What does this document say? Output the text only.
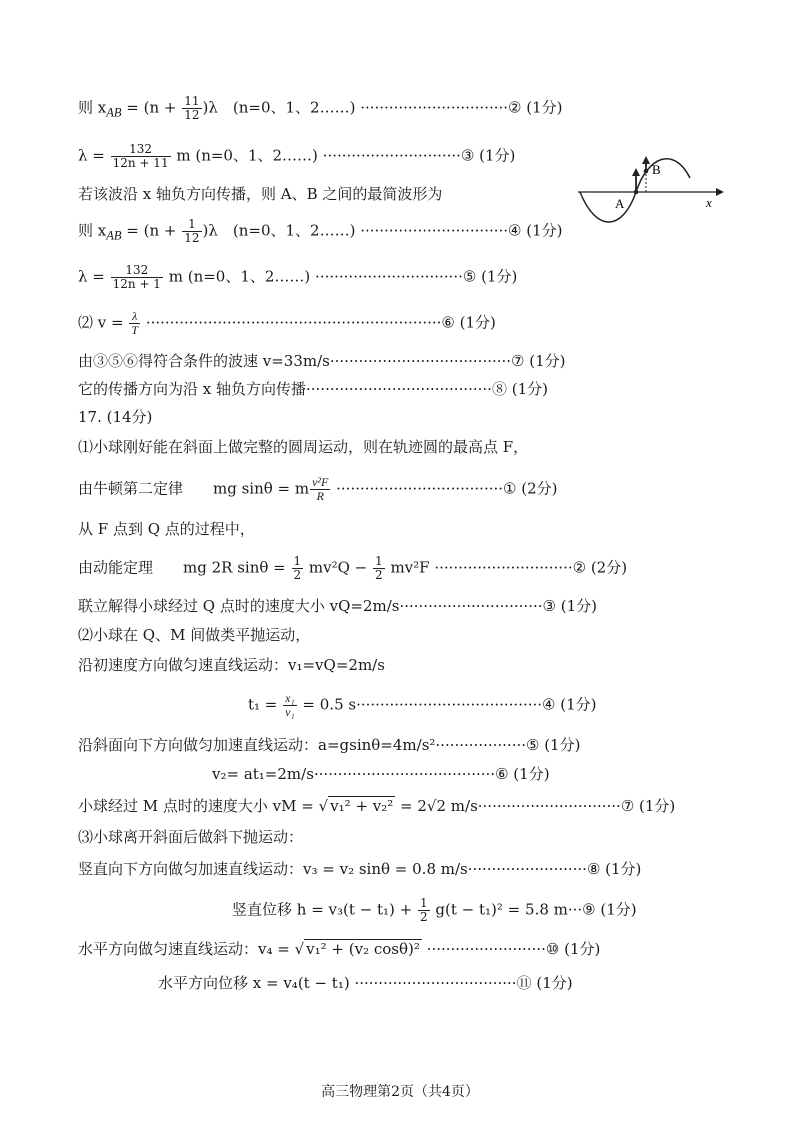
A
B
x
则 $x_{AB} = (n + \frac{11}{12} )\lambda$　(n=0、1、2……) ·······························② (1分)
$\lambda = \frac{132}{12n + 11}$ m (n=0、1、2……) ·····························③ (1分)
若该波沿 x 轴负方向传播，则 A、B 之间的最简波形为
则 $x_{AB} = (n + \frac{1}{12} )\lambda$　(n=0、1、2……) ·······························④ (1分)
$\lambda = \frac{132}{12n + 1}$ m (n=0、1、2……) ·······························⑤ (1分)
⑵ $v = \frac{\lambda}{T}$ ······························································⑥ (1分)
由③⑤⑥得符合条件的波速 v=33m/s······································⑦ (1分)
它的传播方向为沿 x 轴负方向传播·······································⑧ (1分)
17. (14分)
⑴小球刚好能在斜面上做完整的圆周运动，则在轨迹圆的最高点 F，
由牛顿第二定律　　mg sinθ = m $\frac{\text{v²F}}{R}$ ···································① (2分)
从 F 点到 Q 点的过程中，
由动能定理　　mg 2R $\sin\theta = \frac{1}{2} mv^2Q - \frac{1}{2} mv^2F$ ·····························② (2分)
联立解得小球经过 Q 点时的速度大小 vQ=2m/s······························③ (1分)
⑵小球在 Q、M 间做类平抛运动，
沿初速度方向做匀速直线运动：v₁=vQ=2m/s
$t_1 = \frac{\text{x₁}}{\text{v₁}} = 0.5$ s·······································④ (1分)
沿斜面向下方向做匀加速直线运动：a=gsinθ=4m/s²···················⑤ (1分)
v₂= at₁=2m/s······································⑥ (1分)
小球经过 M 点时的速度大小 vM = √ v₁² + v₂² = 2√2 m/s······························⑦ (1分)
⑶小球离开斜面后做斜下抛运动：
竖直向下方向做匀加速直线运动：v₃ = v₂ sinθ = 0.8 m/s·························⑧ (1分)
竖直位移 $h = v_3(t - t_1) + \frac{1}{2} g(t - t_1)^2 = 5.8$ m···⑨ (1分)
水平方向做匀速直线运动：v₄ = √ v₁² + (v₂ cosθ)² ·························⑩ (1分)
水平方向位移 x = v₄(t − t₁) ··································⑪ (1分)
高三物理第2页（共4页）
